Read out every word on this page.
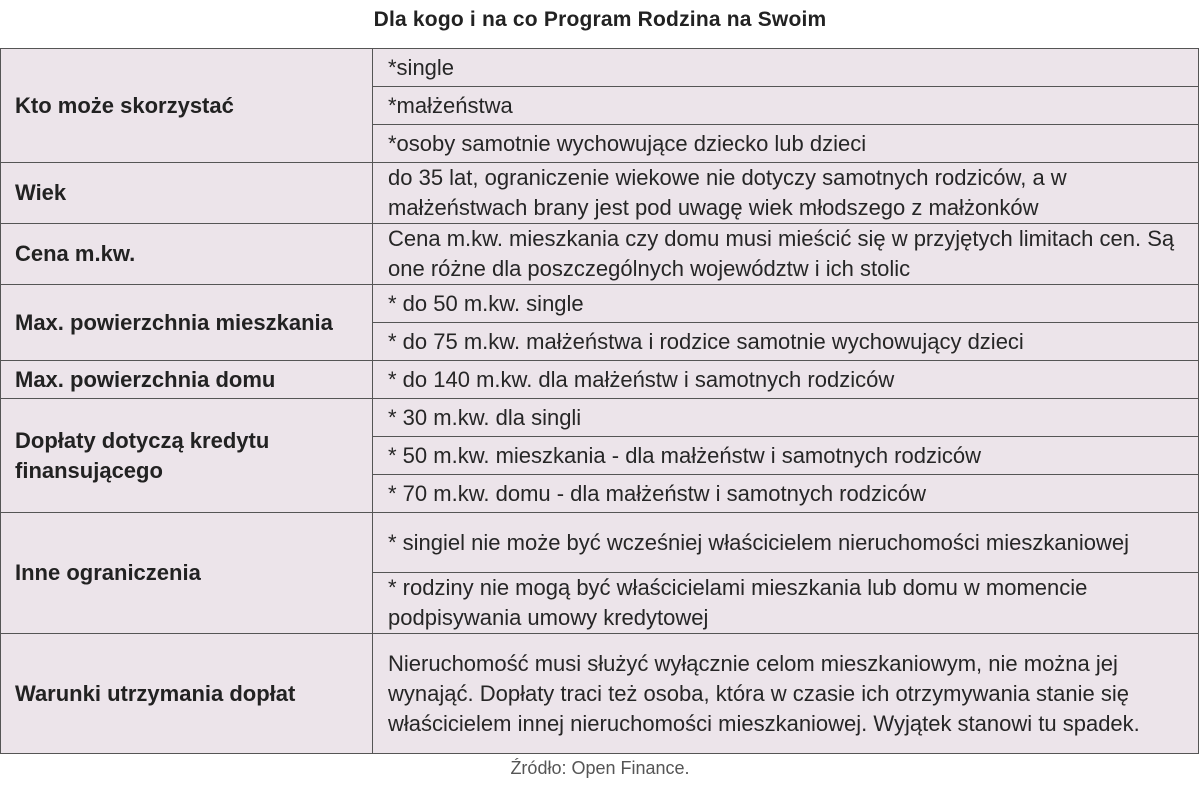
Dla kogo i na co Program Rodzina na Swoim
Kto może skorzystać	*single
	*małżeństwa
	*osoby samotnie wychowujące dziecko lub dzieci
Wiek	do 35 lat, ograniczenie wiekowe nie dotyczy samotnych rodziców, a w małżeństwach brany jest pod uwagę wiek młodszego z małżonków
Cena m.kw.	Cena m.kw. mieszkania czy domu musi mieścić się w przyjętych limitach cen. Są one różne dla poszczególnych województw i ich stolic
Max. powierzchnia mieszkania	* do 50 m.kw. single
	* do 75 m.kw. małżeństwa i rodzice samotnie wychowujący dzieci
Max. powierzchnia domu	* do 140 m.kw. dla małżeństw i samotnych rodziców
Dopłaty dotyczą kredytu finansującego	* 30 m.kw. dla singli
	* 50 m.kw. mieszkania - dla małżeństw i samotnych rodziców
	* 70 m.kw. domu - dla małżeństw i samotnych rodziców
Inne ograniczenia	* singiel nie może być wcześniej właścicielem nieruchomości mieszkaniowej
	* rodziny nie mogą być właścicielami mieszkania lub domu w momencie podpisywania umowy kredytowej
Warunki utrzymania dopłat	Nieruchomość musi służyć wyłącznie celom mieszkaniowym, nie można jej wynająć. Dopłaty traci też osoba, która w czasie ich otrzymywania stanie się właścicielem innej nieruchomości mieszkaniowej. Wyjątek stanowi tu spadek.
Źródło: Open Finance.
